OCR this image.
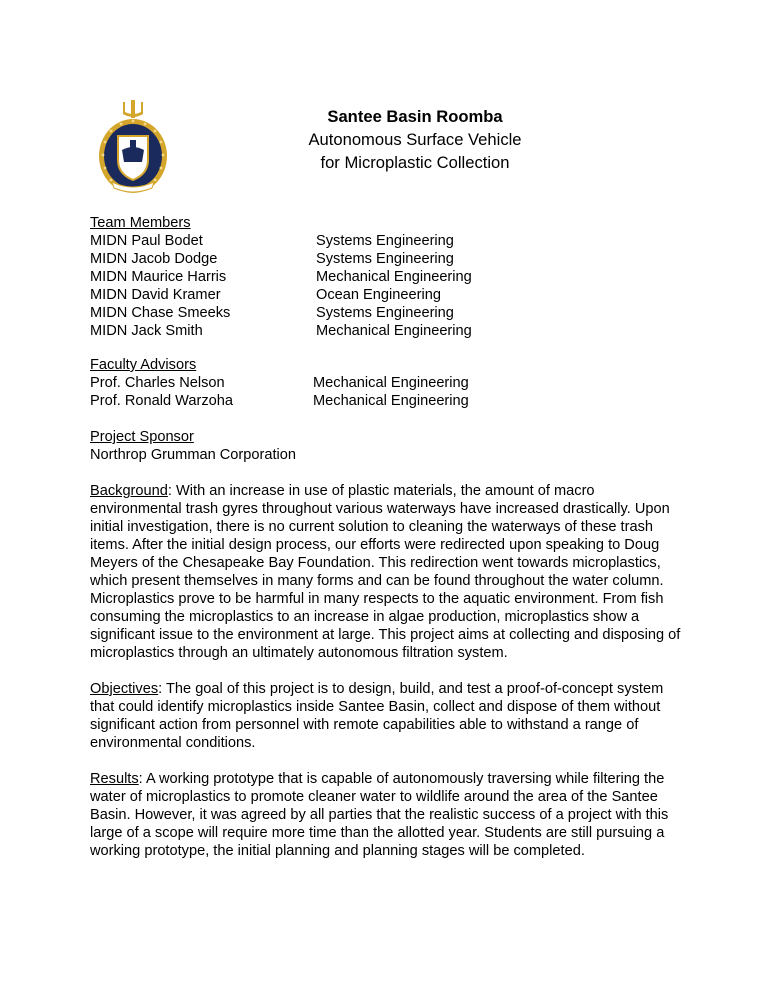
Santee Basin Roomba
Autonomous Surface Vehicle
for Microplastic Collection
Team Members
MIDN Paul Bodet
MIDN Jacob Dodge
MIDN Maurice Harris
MIDN David Kramer
MIDN Chase Smeeks
MIDN Jack Smith
Systems Engineering
Systems Engineering
Mechanical Engineering
Ocean Engineering
Systems Engineering
Mechanical Engineering
Faculty Advisors
Prof. Charles Nelson
Prof. Ronald Warzoha
Mechanical Engineering
Mechanical Engineering
Project Sponsor
Northrop Grumman Corporation

Background: With an increase in use of plastic materials, the amount of macro environmental trash gyres throughout various waterways have increased drastically. Upon initial investigation, there is no current solution to cleaning the waterways of these trash items. After the initial design process, our efforts were redirected upon speaking to Doug Meyers of the Chesapeake Bay Foundation. This redirection went towards microplastics, which present themselves in many forms and can be found throughout the water column. Microplastics prove to be harmful in many respects to the aquatic environment. From fish consuming the microplastics to an increase in algae production, microplastics show a significant issue to the environment at large. This project aims at collecting and disposing of microplastics through an ultimately autonomous filtration system.

Objectives: The goal of this project is to design, build, and test a proof-of-concept system that could identify microplastics inside Santee Basin, collect and dispose of them without significant action from personnel with remote capabilities able to withstand a range of environmental conditions.

Results: A working prototype that is capable of autonomously traversing while filtering the water of microplastics to promote cleaner water to wildlife around the area of the Santee Basin. However, it was agreed by all parties that the realistic success of a project with this large of a scope will require more time than the allotted year. Students are still pursuing a working prototype, the initial planning and planning stages will be completed.
